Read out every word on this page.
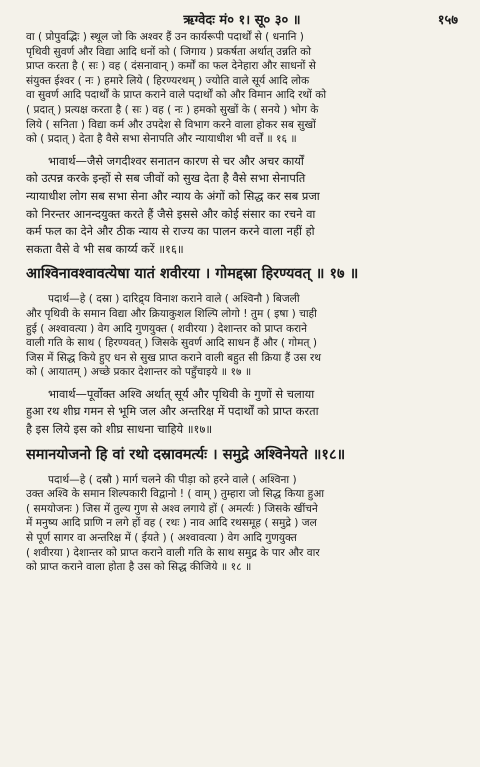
ऋग्वेदः मं० १। सू० ३० ॥	१५७
वा ( प्रोपुवद्भिः ) स्थूल जो कि अश्वर हैं उन कार्यरूपी पदार्थों से ( धनानि )
पृथिवी सुवर्ण और विद्या आदि धनों को ( जिगाय ) प्रकर्षता अर्थात् उन्नति को
प्राप्त करता है ( सः ) वह ( दंसनावान् ) कर्मों का फल देनेहारा और साधनों से
संयुक्त ईश्वर ( नः ) हमारे लिये ( हिरण्यरथम् ) ज्योति वाले सूर्य आदि लोक
वा सुवर्ण आदि पदार्थों के प्राप्त कराने वाले पदार्थों को और विमान आदि रथों को
( प्रदात् ) प्रत्यक्ष करता है ( सः ) वह ( नः ) हमको सुखों के ( सनये ) भोग के
लिये ( सनिता ) विद्या कर्म और उपदेश से विभाग करने वाला होकर सब सुखों
को ( प्रदात् ) देता है वैसे सभा सेनापति और न्यायाधीश भी वर्त्तें ॥ १६ ॥
भावार्थ—जैसे जगदीश्वर सनातन कारण से चर और अचर कार्यों
को उत्पन्न करके इन्हों से सब जीवों को सुख देता है वैसे सभा सेनापति
न्यायाधीश लोग सब सभा सेना और न्याय के अंगों को सिद्ध कर सब प्रजा
को निरन्तर आनन्दयुक्त करते हैं जैसे इससे और कोई संसार का रचने वा
कर्म फल का देने और ठीक न्याय से राज्य का पालन करने वाला नहीं हो
सकता वैसे वे भी सब कार्य्य करें ॥१६॥
आश्विनावश्वावत्येषा यातं शवीरया । गोमद्दस्रा हिरण्यवत् ॥ १७ ॥
पदार्थ—हे ( दस्रा ) दारिद्र्य विनाश कराने वाले ( अश्विनौ ) बिजली
और पृथिवी के समान विद्या और क्रियाकुशल शिल्पि लोगो ! तुम ( इषा ) चाही
हुई ( अश्वावत्या ) वेग आदि गुणयुक्त ( शवीरया ) देशान्तर को प्राप्त कराने
वाली गति के साथ ( हिरण्यवत् ) जिसके सुवर्ण आदि साधन हैं और ( गोमत् )
जिस में सिद्ध किये हुए धन से सुख प्राप्त कराने वाली बहुत सी क्रिया हैं उस रथ
को ( आयातम् ) अच्छे प्रकार देशान्तर को पहुँचाइये ॥ १७ ॥
भावार्थ—पूर्वोक्त अश्वि अर्थात् सूर्य और पृथिवी के गुणों से चलाया
हुआ रथ शीघ्र गमन से भूमि जल और अन्तरिक्ष में पदार्थों को प्राप्त करता
है इस लिये इस को शीघ्र साधना चाहिये ॥१७॥
समानयोजनो हि वां रथो दस्रावमर्त्यः । समुद्रे अश्विनेयते ॥१८॥
पदार्थ—हे ( दस्रौ ) मार्ग चलने की पीड़ा को हरने वाले ( अश्विना )
उक्त अश्वि के समान शिल्पकारी विद्वानो ! ( वाम् ) तुम्हारा जो सिद्ध किया हुआ
( समयोजनः ) जिस में तुल्य गुण से अश्व लगाये हों ( अमर्त्यः ) जिसके खींचने
में मनुष्य आदि प्राणि न लगे हों वह ( रथः ) नाव आदि रथसमूह ( समुद्रे ) जल
से पूर्ण सागर वा अन्तरिक्ष में ( ईयते ) ( अश्वावत्या ) वेग आदि गुणयुक्त
( शवीरया ) देशान्तर को प्राप्त कराने वाली गति के साथ समुद्र के पार और वार
को प्राप्त कराने वाला होता है उस को सिद्ध कीजिये ॥ १८ ॥
